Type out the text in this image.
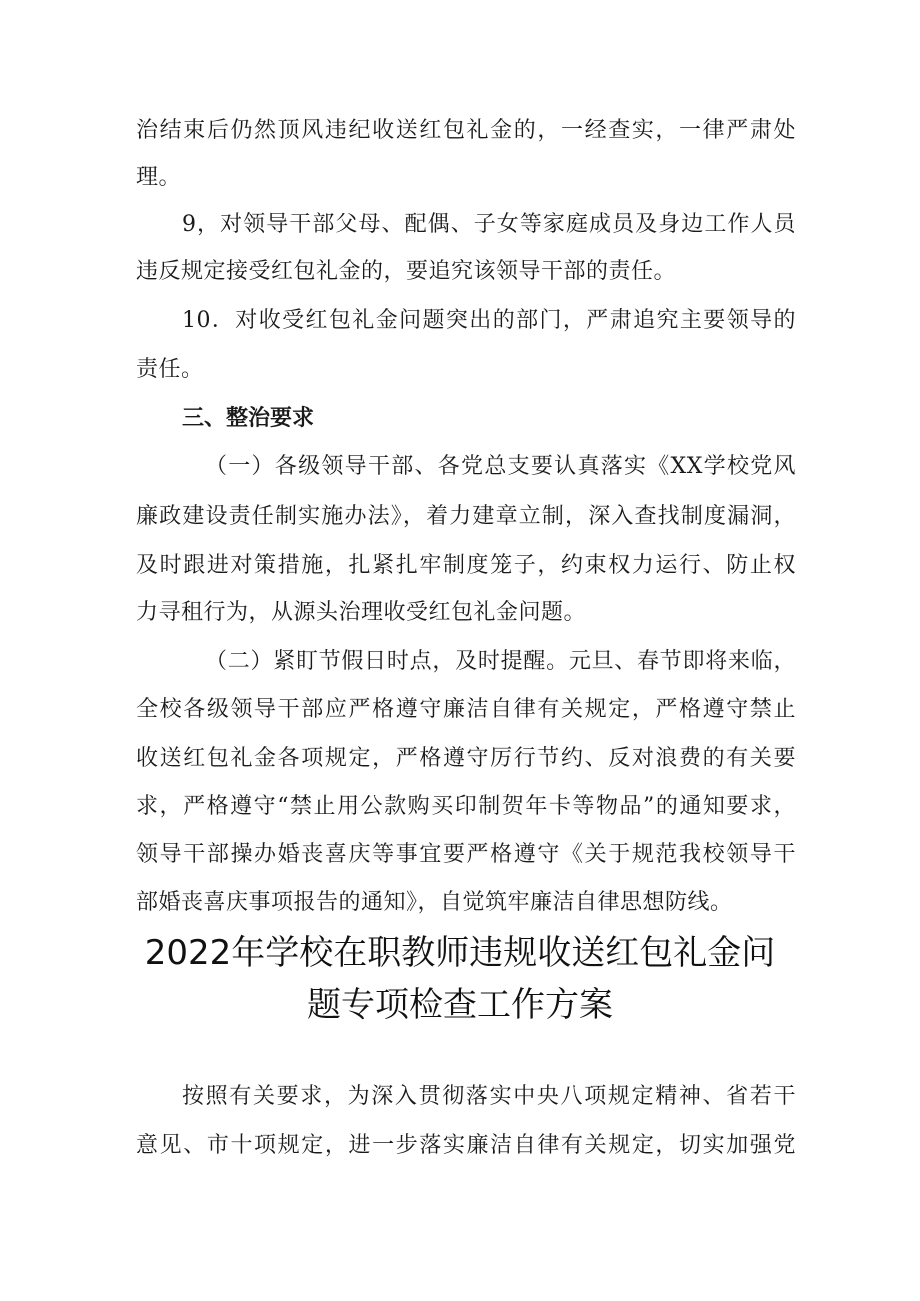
治结束后仍然顶风违纪收送红包礼金的，一经查实，一律严肃处
理。
9，对领导干部父母、配偶、子女等家庭成员及身边工作人员
违反规定接受红包礼金的，要追究该领导干部的责任。
10．对收受红包礼金问题突出的部门，严肃追究主要领导的
责任。
三、整治要求
（一）各级领导干部、各党总支要认真落实《XX学校党风
廉政建设责任制实施办法》，着力建章立制，深入查找制度漏洞，
及时跟进对策措施，扎紧扎牢制度笼子，约束权力运行、防止权
力寻租行为，从源头治理收受红包礼金问题。
（二）紧盯节假日时点，及时提醒。元旦、春节即将来临，
全校各级领导干部应严格遵守廉洁自律有关规定，严格遵守禁止
收送红包礼金各项规定，严格遵守厉行节约、反对浪费的有关要
求，严格遵守“禁止用公款购买印制贺年卡等物品”的通知要求，
领导干部操办婚丧喜庆等事宜要严格遵守《关于规范我校领导干
部婚丧喜庆事项报告的通知》，自觉筑牢廉洁自律思想防线。
2022年学校在职教师违规收送红包礼金问
题专项检查工作方案
按照有关要求，为深入贯彻落实中央八项规定精神、省若干
意见、市十项规定，进一步落实廉洁自律有关规定，切实加强党
